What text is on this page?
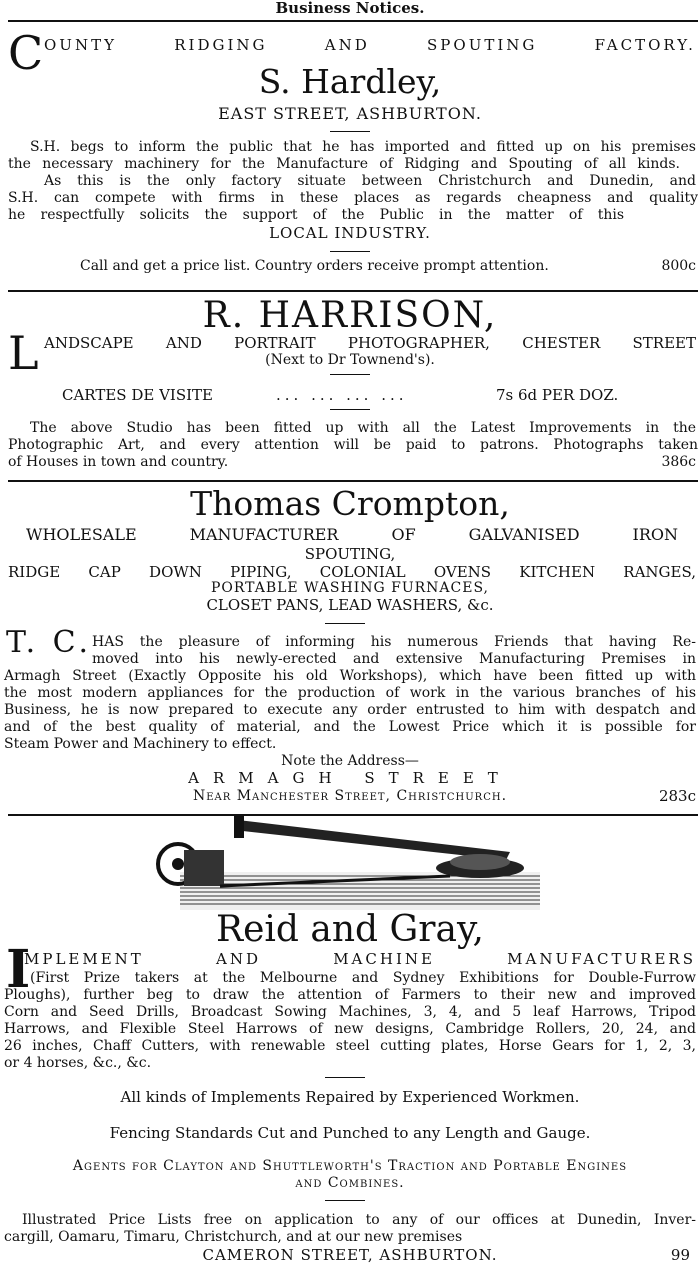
Business Notices.
C OUNTY	RIDGING	AND	SPOUTING	FACTORY.
S. Hardley,
EAST STREET, ASHBURTON.
S.H. begs to inform the public that he has imported and fitted up on his premises
the necessary machinery for the Manufacture of Ridging and Spouting of all kinds.
As this is the only factory situate between Christchurch and Dunedin, and
S.H. can compete with firms in these places as regards cheapness and quality
he respectfully solicits the support of the Public in the matter of this
LOCAL INDUSTRY.
Call and get a price list. Country orders receive prompt attention.	800c
R. HARRISON,
L ANDSCAPE AND PORTRAIT PHOTOGRAPHER, CHESTER STREET
(Next to Dr Townend's).
CARTES DE VISITE	... ... ... ...	7s 6d PER DOZ.
The above Studio has been fitted up with all the Latest Improvements in the
Photographic Art, and every attention will be paid to patrons. Photographs taken
of Houses in town and country.	386c
Thomas Crompton,
WHOLESALE MANUFACTURER OF GALVANISED IRON
SPOUTING,
RIDGE CAP DOWN PIPING, COLONIAL OVENS KITCHEN RANGES,
PORTABLE WASHING FURNACES,
CLOSET PANS, LEAD WASHERS, &c.
T. C. HAS the pleasure of informing his numerous Friends that having Re-
moved into his newly-erected and extensive Manufacturing Premises in
Armagh Street (Exactly Opposite his old Workshops), which have been fitted up with
the most modern appliances for the production of work in the various branches of his
Business, he is now prepared to execute any order entrusted to him with despatch and
and of the best quality of material, and the Lowest Price which it is possible for
Steam Power and Machinery to effect.
Note the Address—
ARMAGH STREET
Near Manchester Street, Christchurch.	283c
Reid and Gray,
I
MPLEMENT	AND	MACHINE	MANUFACTURERS
(First Prize takers at the Melbourne and Sydney Exhibitions for Double-Furrow
Ploughs), further beg to draw the attention of Farmers to their new and improved
Corn and Seed Drills, Broadcast Sowing Machines, 3, 4, and 5 leaf Harrows, Tripod
Harrows, and Flexible Steel Harrows of new designs, Cambridge Rollers, 20, 24, and
26 inches, Chaff Cutters, with renewable steel cutting plates, Horse Gears for 1, 2, 3,
or 4 horses, &c., &c.
All kinds of Implements Repaired by Experienced Workmen.
Fencing Standards Cut and Punched to any Length and Gauge.
Agents for Clayton and Shuttleworth's Traction and Portable Engines
and Combines.
Illustrated Price Lists free on application to any of our offices at Dunedin, Inver-
cargill, Oamaru, Timaru, Christchurch, and at our new premises
CAMERON STREET, ASHBURTON.	99
